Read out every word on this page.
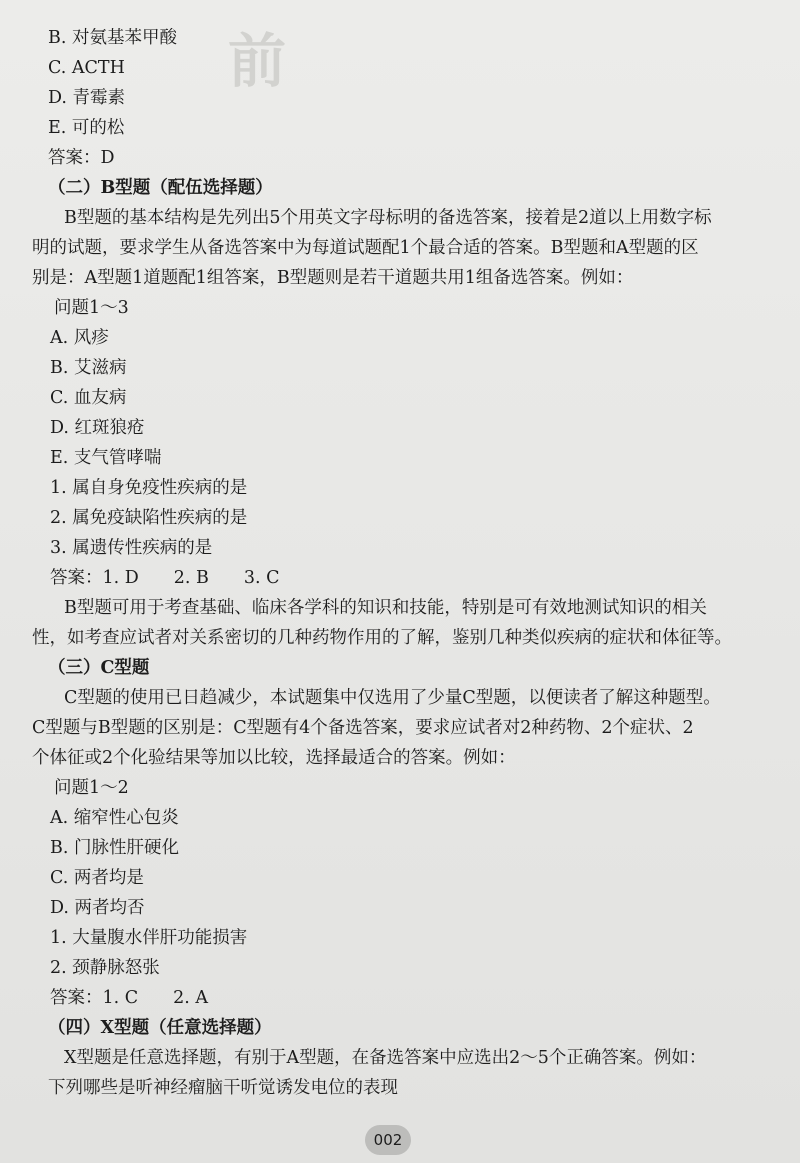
前
B. 对氨基苯甲酸
C. ACTH
D. 青霉素
E. 可的松
答案：D
（二）B型题（配伍选择题）
B型题的基本结构是先列出5个用英文字母标明的备选答案，接着是2道以上用数字标
明的试题，要求学生从备选答案中为每道试题配1个最合适的答案。B型题和A型题的区
别是：A型题1道题配1组答案，B型题则是若干道题共用1组备选答案。例如：
问题1～3
A. 风疹
B. 艾滋病
C. 血友病
D. 红斑狼疮
E. 支气管哮喘
1. 属自身免疫性疾病的是
2. 属免疫缺陷性疾病的是
3. 属遗传性疾病的是
答案：1. D　　2. B　　3. C
B型题可用于考查基础、临床各学科的知识和技能，特别是可有效地测试知识的相关
性，如考查应试者对关系密切的几种药物作用的了解，鉴别几种类似疾病的症状和体征等。
（三）C型题
C型题的使用已日趋减少，本试题集中仅选用了少量C型题，以便读者了解这种题型。
C型题与B型题的区别是：C型题有4个备选答案，要求应试者对2种药物、2个症状、2
个体征或2个化验结果等加以比较，选择最适合的答案。例如：
问题1～2
A. 缩窄性心包炎
B. 门脉性肝硬化
C. 两者均是
D. 两者均否
1. 大量腹水伴肝功能损害
2. 颈静脉怒张
答案：1. C　　2. A
（四）X型题（任意选择题）
X型题是任意选择题，有别于A型题，在备选答案中应选出2～5个正确答案。例如：
下列哪些是听神经瘤脑干听觉诱发电位的表现
002
